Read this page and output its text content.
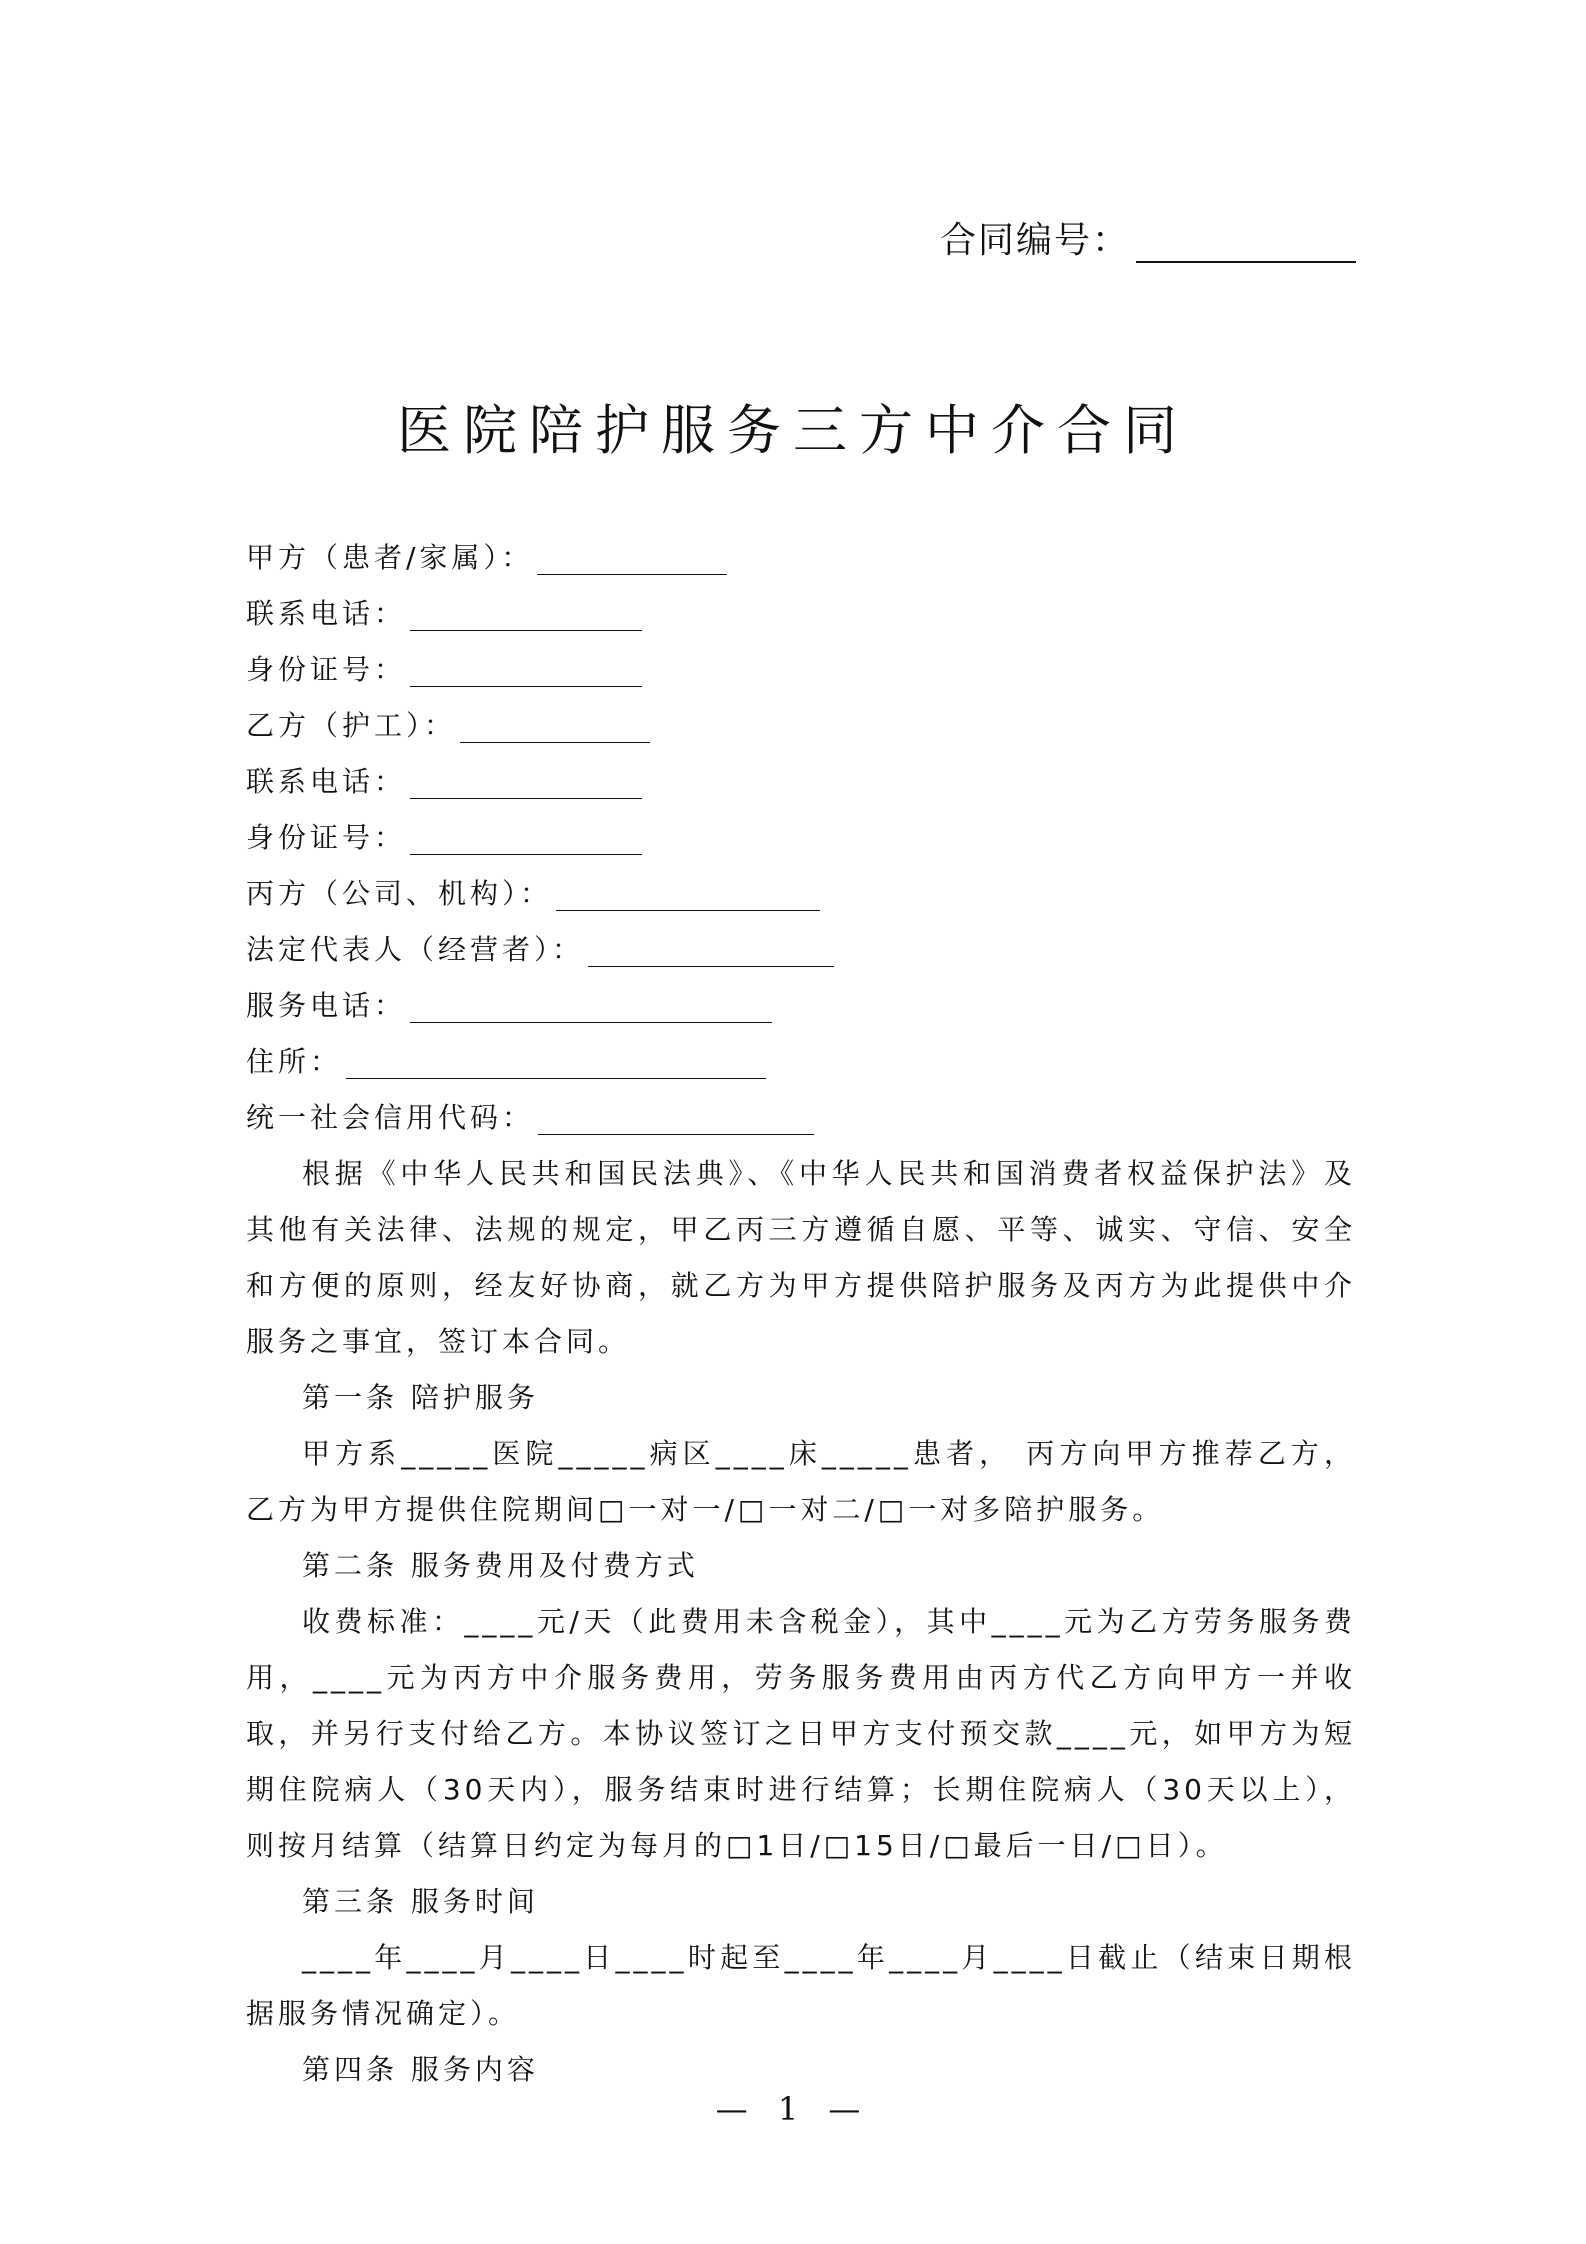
合同编号：
医院陪护服务三方中介合同
甲方（患者/家属）：
联系电话：
身份证号：
乙方（护工）：
联系电话：
身份证号：
丙方（公司、机构）：
法定代表人（经营者）：
服务电话：
住所：
统一社会信用代码：

根据《中华人民共和国民法典》、《中华人民共和国消费者权益保护法》及其他有关法律、法规的规定，甲乙丙三方遵循自愿、平等、诚实、守信、安全和方便的原则，经友好协商，就乙方为甲方提供陪护服务及丙方为此提供中介服务之事宜，签订本合同。

第一条 陪护服务

甲方系_____医院_____病区____床_____患者， 丙方向甲方推荐乙方，乙方为甲方提供住院期间□一对一/□一对二/□一对多陪护服务。

第二条 服务费用及付费方式

收费标准：____元/天（此费用未含税金），其中____元为乙方劳务服务费用，____元为丙方中介服务费用，劳务服务费用由丙方代乙方向甲方一并收取，并另行支付给乙方。本协议签订之日甲方支付预交款____元，如甲方为短期住院病人（30天内），服务结束时进行结算；长期住院病人（30天以上），则按月结算（结算日约定为每月的□1日/□15日/□最后一日/□日）。

第三条 服务时间

____年____月____日____时起至____年____月____日截止（结束日期根据服务情况确定）。

第四条 服务内容

— 1 —
